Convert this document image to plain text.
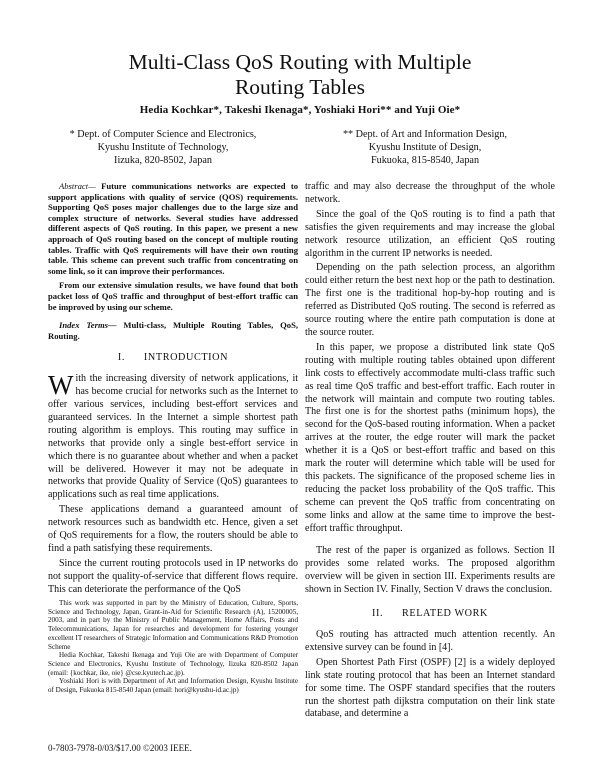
Multi-Class QoS Routing with Multiple
Routing Tables
Hedia Kochkar*, Takeshi Ikenaga*, Yoshiaki Hori** and Yuji Oie*
* Dept. of Computer Science and Electronics,
Kyushu Institute of Technology,
Iizuka, 820-8502, Japan
** Dept. of Art and Information Design,
Kyushu Institute of Design,
Fukuoka, 815-8540, Japan

Abstract— Future communications networks are expected to support applications with quality of service (QOS) requirements. Supporting QoS poses major challenges due to the large size and complex structure of networks. Several studies have addressed different aspects of QoS routing. In this paper, we present a new approach of QoS routing based on the concept of multiple routing tables. Traffic with QoS requirements will have their own routing table. This scheme can prevent such traffic from concentrating on some link, so it can improve their performances.

From our extensive simulation results, we have found that both packet loss of QoS traffic and throughput of best-effort traffic can be improved by using our scheme.

Index Terms— Multi-class, Multiple Routing Tables, QoS, Routing.

I.      INTRODUCTION

With the increasing diversity of network applications, it has become crucial for networks such as the Internet to offer various services, including best-effort services and guaranteed services. In the Internet a simple shortest path routing algorithm is employs. This routing may suffice in networks that provide only a single best-effort service in which there is no guarantee about whether and when a packet will be delivered. However it may not be adequate in networks that provide Quality of Service (QoS) guarantees to applications such as real time applications.

These applications demand a guaranteed amount of network resources such as bandwidth etc. Hence, given a set of QoS requirements for a flow, the routers should be able to find a path satisfying these requirements.

Since the current routing protocols used in IP networks do not support the quality-of-service that different flows require. This can deteriorate the performance of the QoS

This work was supported in part by the Ministry of Education, Culture, Sports, Science and Technology, Japan, Grant-in-Aid for Scientific Research (A), 15200005, 2003, and in part by the Ministry of Public Management, Home Affairs, Posts and Telecommunications, Japan for researches and development for fostering younger excellent IT researchers of Strategic Information and Communications R&D Promotion Scheme

Hedia Kochkar, Takeshi Ikenaga and Yuji Oie are with Department of Computer Science and Electronics, Kyushu Institute of Technology, Iizuka 820-8502 Japan (email: {kochkar, ike, oie} @cse.kyutech.ac.jp).

Yoshiaki Hori is with Department of Art and Information Design, Kyushu Institute of Design, Fukuoka 815-8540 Japan (email: hori@kyushu-id.ac.jp)

0-7803-7978-0/03/$17.00 ©2003 IEEE.

traffic and may also decrease the throughput of the whole network.

Since the goal of the QoS routing is to find a path that satisfies the given requirements and may increase the global network resource utilization, an efficient QoS routing algorithm in the current IP networks is needed.

Depending on the path selection process, an algorithm could either return the best next hop or the path to destination. The first one is the traditional hop-by-hop routing and is referred as Distributed QoS routing. The second is referred as source routing where the entire path computation is done at the source router.

In this paper, we propose a distributed link state QoS routing with multiple routing tables obtained upon different link costs to effectively accommodate multi-class traffic such as real time QoS traffic and best-effort traffic. Each router in the network will maintain and compute two routing tables. The first one is for the shortest paths (minimum hops), the second for the QoS-based routing information. When a packet arrives at the router, the edge router will mark the packet whether it is a QoS or best-effort traffic and based on this mark the router will determine which table will be used for this packets. The significance of the proposed scheme lies in reducing the packet loss probability of the QoS traffic. This scheme can prevent the QoS traffic from concentrating on some links and allow at the same time to improve the best-effort traffic throughput.

The rest of the paper is organized as follows. Section II provides some related works. The proposed algorithm overview will be given in section III. Experiments results are shown in Section IV. Finally, Section V draws the conclusion.

II.      RELATED WORK

QoS routing has attracted much attention recently. An extensive survey can be found in [4].

Open Shortest Path First (OSPF) [2] is a widely deployed link state routing protocol that has been an Internet standard for some time. The OSPF standard specifies that the routers run the shortest path dijkstra computation on their link state database, and determine a
